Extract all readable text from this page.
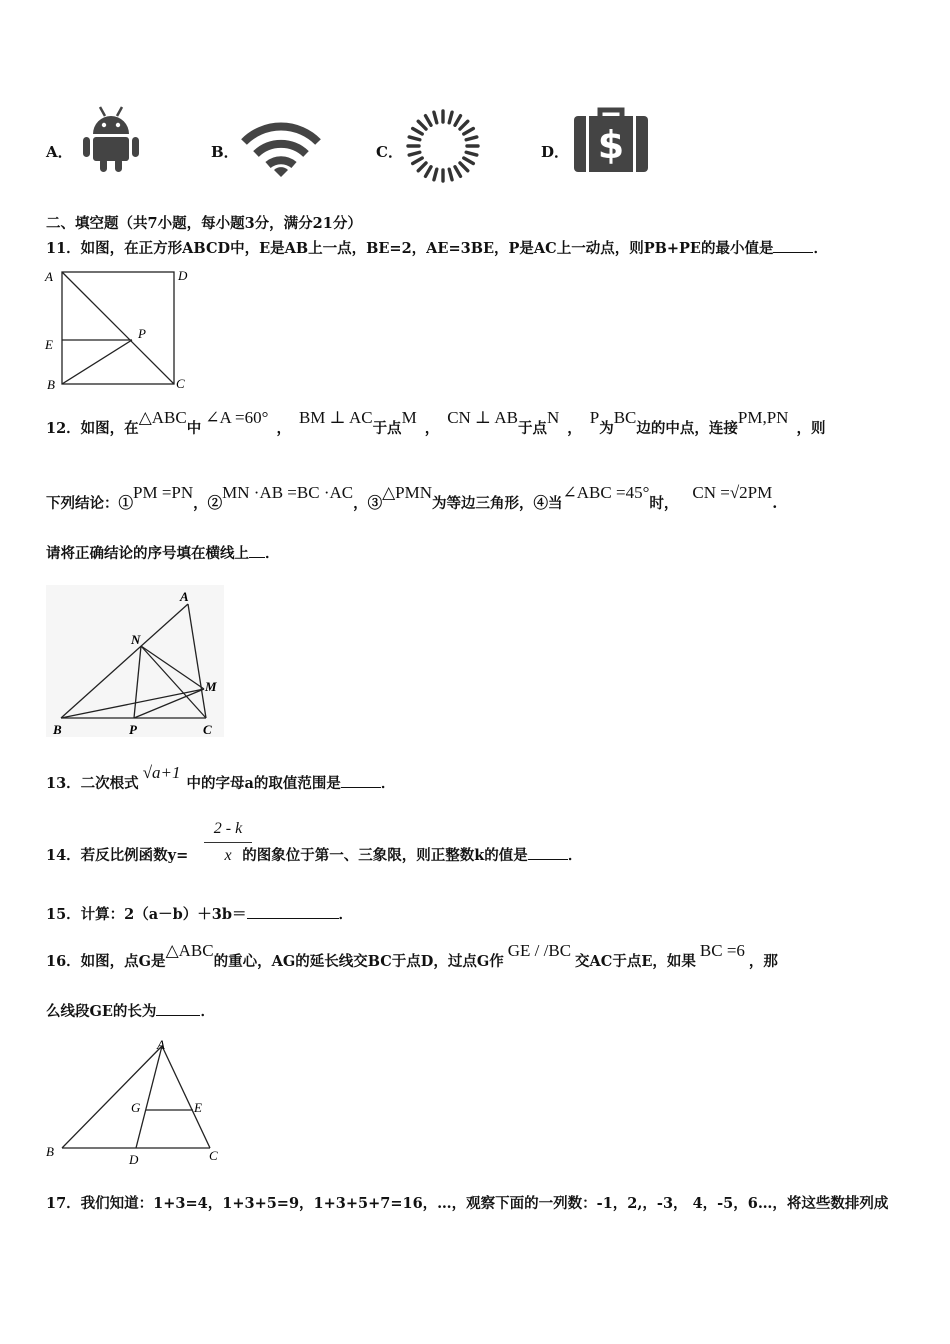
A．	B．	C．	D． $
二、填空题（共7小题，每小题3分，满分21分）
11．如图，在正方形ABCD中，E是AB上一点，BE=2，AE=3BE，P是AC上一动点，则PB+PE的最小值是	．
A	D
E
P
B	C
12．如图，在△ABC中∠A =60°，BM ⊥ AC于点M，CN ⊥ AB于点N，P为BC边的中点，连接PM,PN，则
下列结论：①PM =PN，②MN ·AB =BC ·AC，③△PMN为等边三角形，④当∠ABC =45°时，CN =√2PM.
请将正确结论的序号填在横线上 ．
A
N
M
B	P	C
13．二次根式√a+1中的字母a的取值范围是	．
2 - k
x
14．若反比例函数y=	的图象位于第一、三象限，则正整数k的值是	．
15．计算：2（a－b）＋3b＝	．
16．如图，点G是△ABC的重心，AG的延长线交BC于点D，过点G作GE / /BC交AC于点E，如果BC =6，那
么线段GE的长为	．
A
G	E
B
D	C
17．我们知道：1+3=4，1+3+5=9，1+3+5+7=16，…，观察下面的一列数：-1，2,，-3， 4，-5，6…，将这些数排列成
